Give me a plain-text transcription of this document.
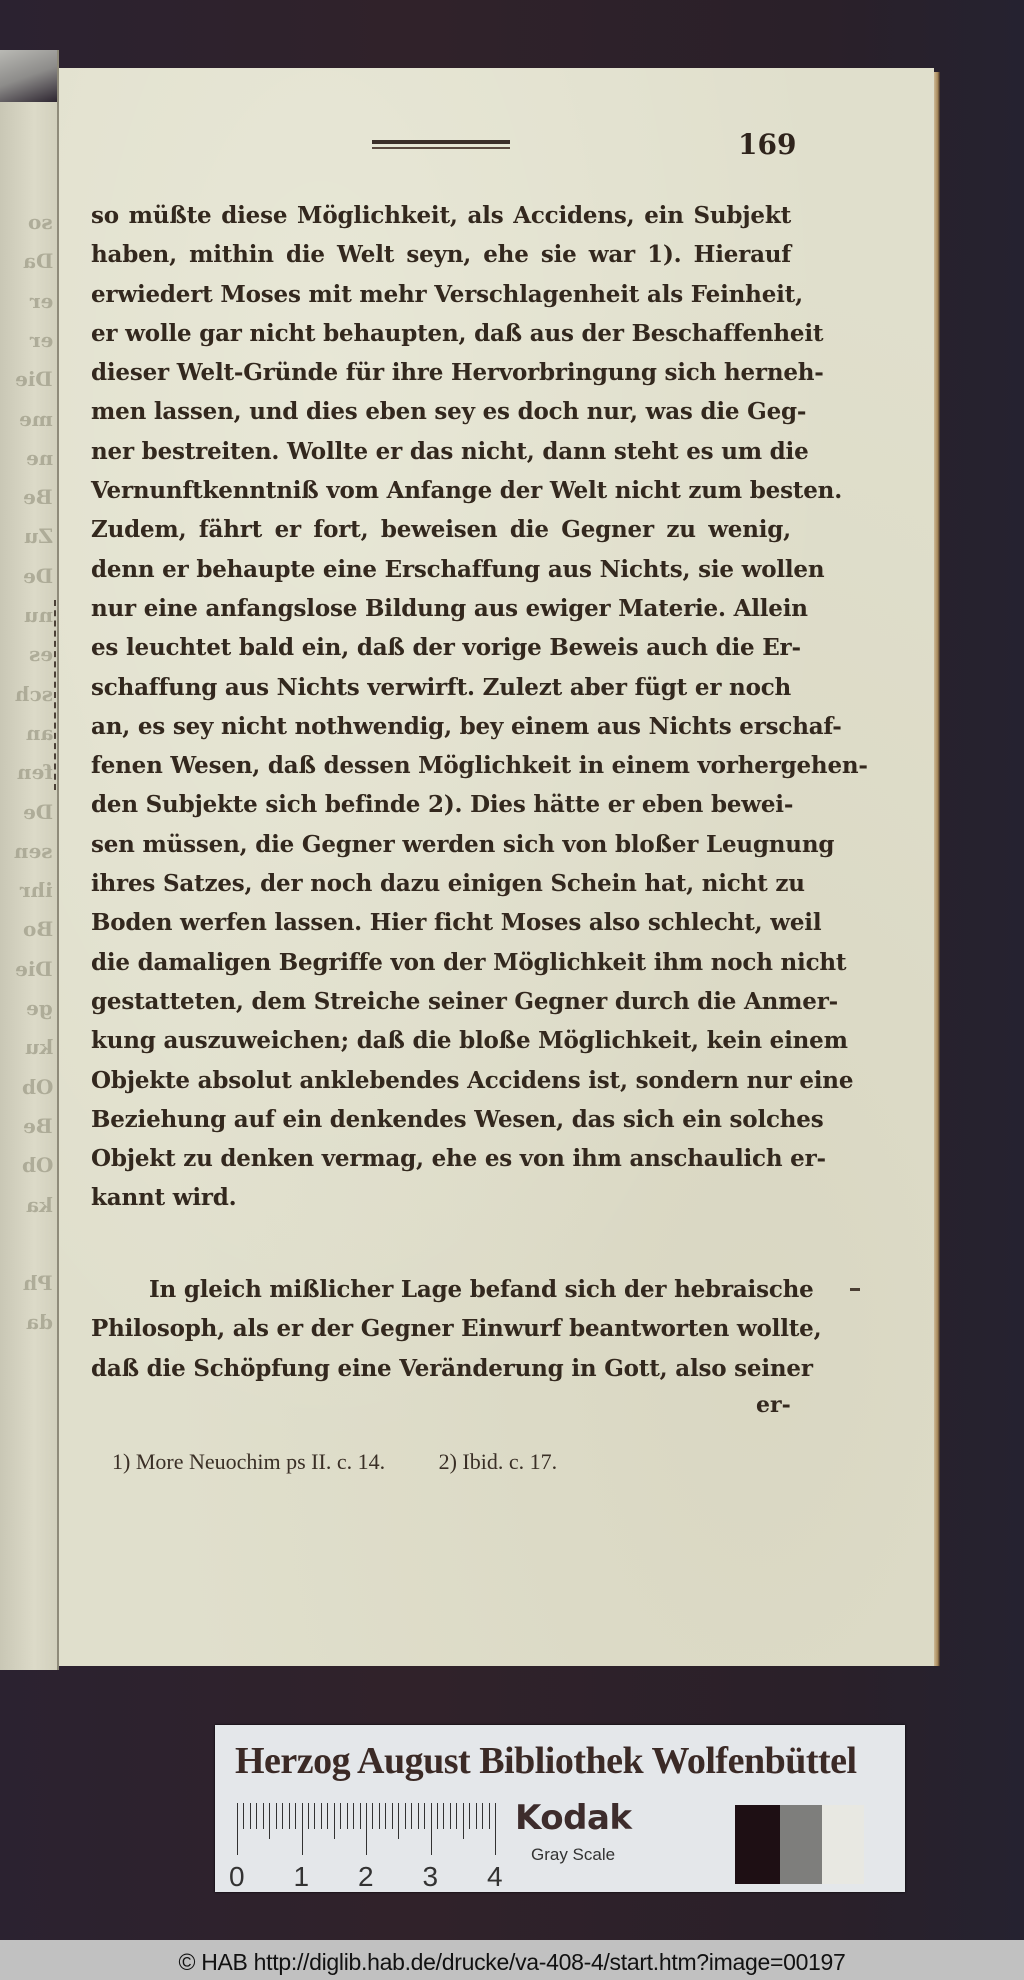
so
Da
er
er
Die
me
ne
Be
Zu
De
nu
es
sch
an
fen
De
sen
ihr
Bo
Die
ge
ku
Ob
Be
Ob
ka
Ph
da
169
so müßte diese Möglichkeit, als Accidens, ein Subjekt
haben, mithin die Welt seyn, ehe sie war 1). Hierauf
erwiedert Moses mit mehr Verschlagenheit als Feinheit,
er wolle gar nicht behaupten, daß aus der Beschaffenheit
dieser Welt-Gründe für ihre Hervorbringung sich herneh-
men lassen, und dies eben sey es doch nur, was die Geg-
ner bestreiten. Wollte er das nicht, dann steht es um die
Vernunftkenntniß vom Anfange der Welt nicht zum besten.
Zudem, fährt er fort, beweisen die Gegner zu wenig,
denn er behaupte eine Erschaffung aus Nichts, sie wollen
nur eine anfangslose Bildung aus ewiger Materie. Allein
es leuchtet bald ein, daß der vorige Beweis auch die Er-
schaffung aus Nichts verwirft. Zulezt aber fügt er noch
an, es sey nicht nothwendig, bey einem aus Nichts erschaf-
fenen Wesen, daß dessen Möglichkeit in einem vorhergehen-
den Subjekte sich befinde 2). Dies hätte er eben bewei-
sen müssen, die Gegner werden sich von bloßer Leugnung
ihres Satzes, der noch dazu einigen Schein hat, nicht zu
Boden werfen lassen. Hier ficht Moses also schlecht, weil
die damaligen Begriffe von der Möglichkeit ihm noch nicht
gestatteten, dem Streiche seiner Gegner durch die Anmer-
kung auszuweichen; daß die bloße Möglichkeit, kein einem
Objekte absolut anklebendes Accidens ist, sondern nur eine
Beziehung auf ein denkendes Wesen, das sich ein solches
Objekt zu denken vermag, ehe es von ihm anschaulich er-
kannt wird.
In gleich mißlicher Lage befand sich der hebraische
Philosoph, als er der Gegner Einwurf beantworten wollte,
daß die Schöpfung eine Veränderung in Gott, also seiner
er-
1) More Neuochim ps II. c. 14. 2) Ibid. c. 17.
Herzog August Bibliothek Wolfenbüttel
0 1 2 3 4
Kodak
Gray Scale
© HAB http://diglib.hab.de/drucke/va-408-4/start.htm?image=00197
